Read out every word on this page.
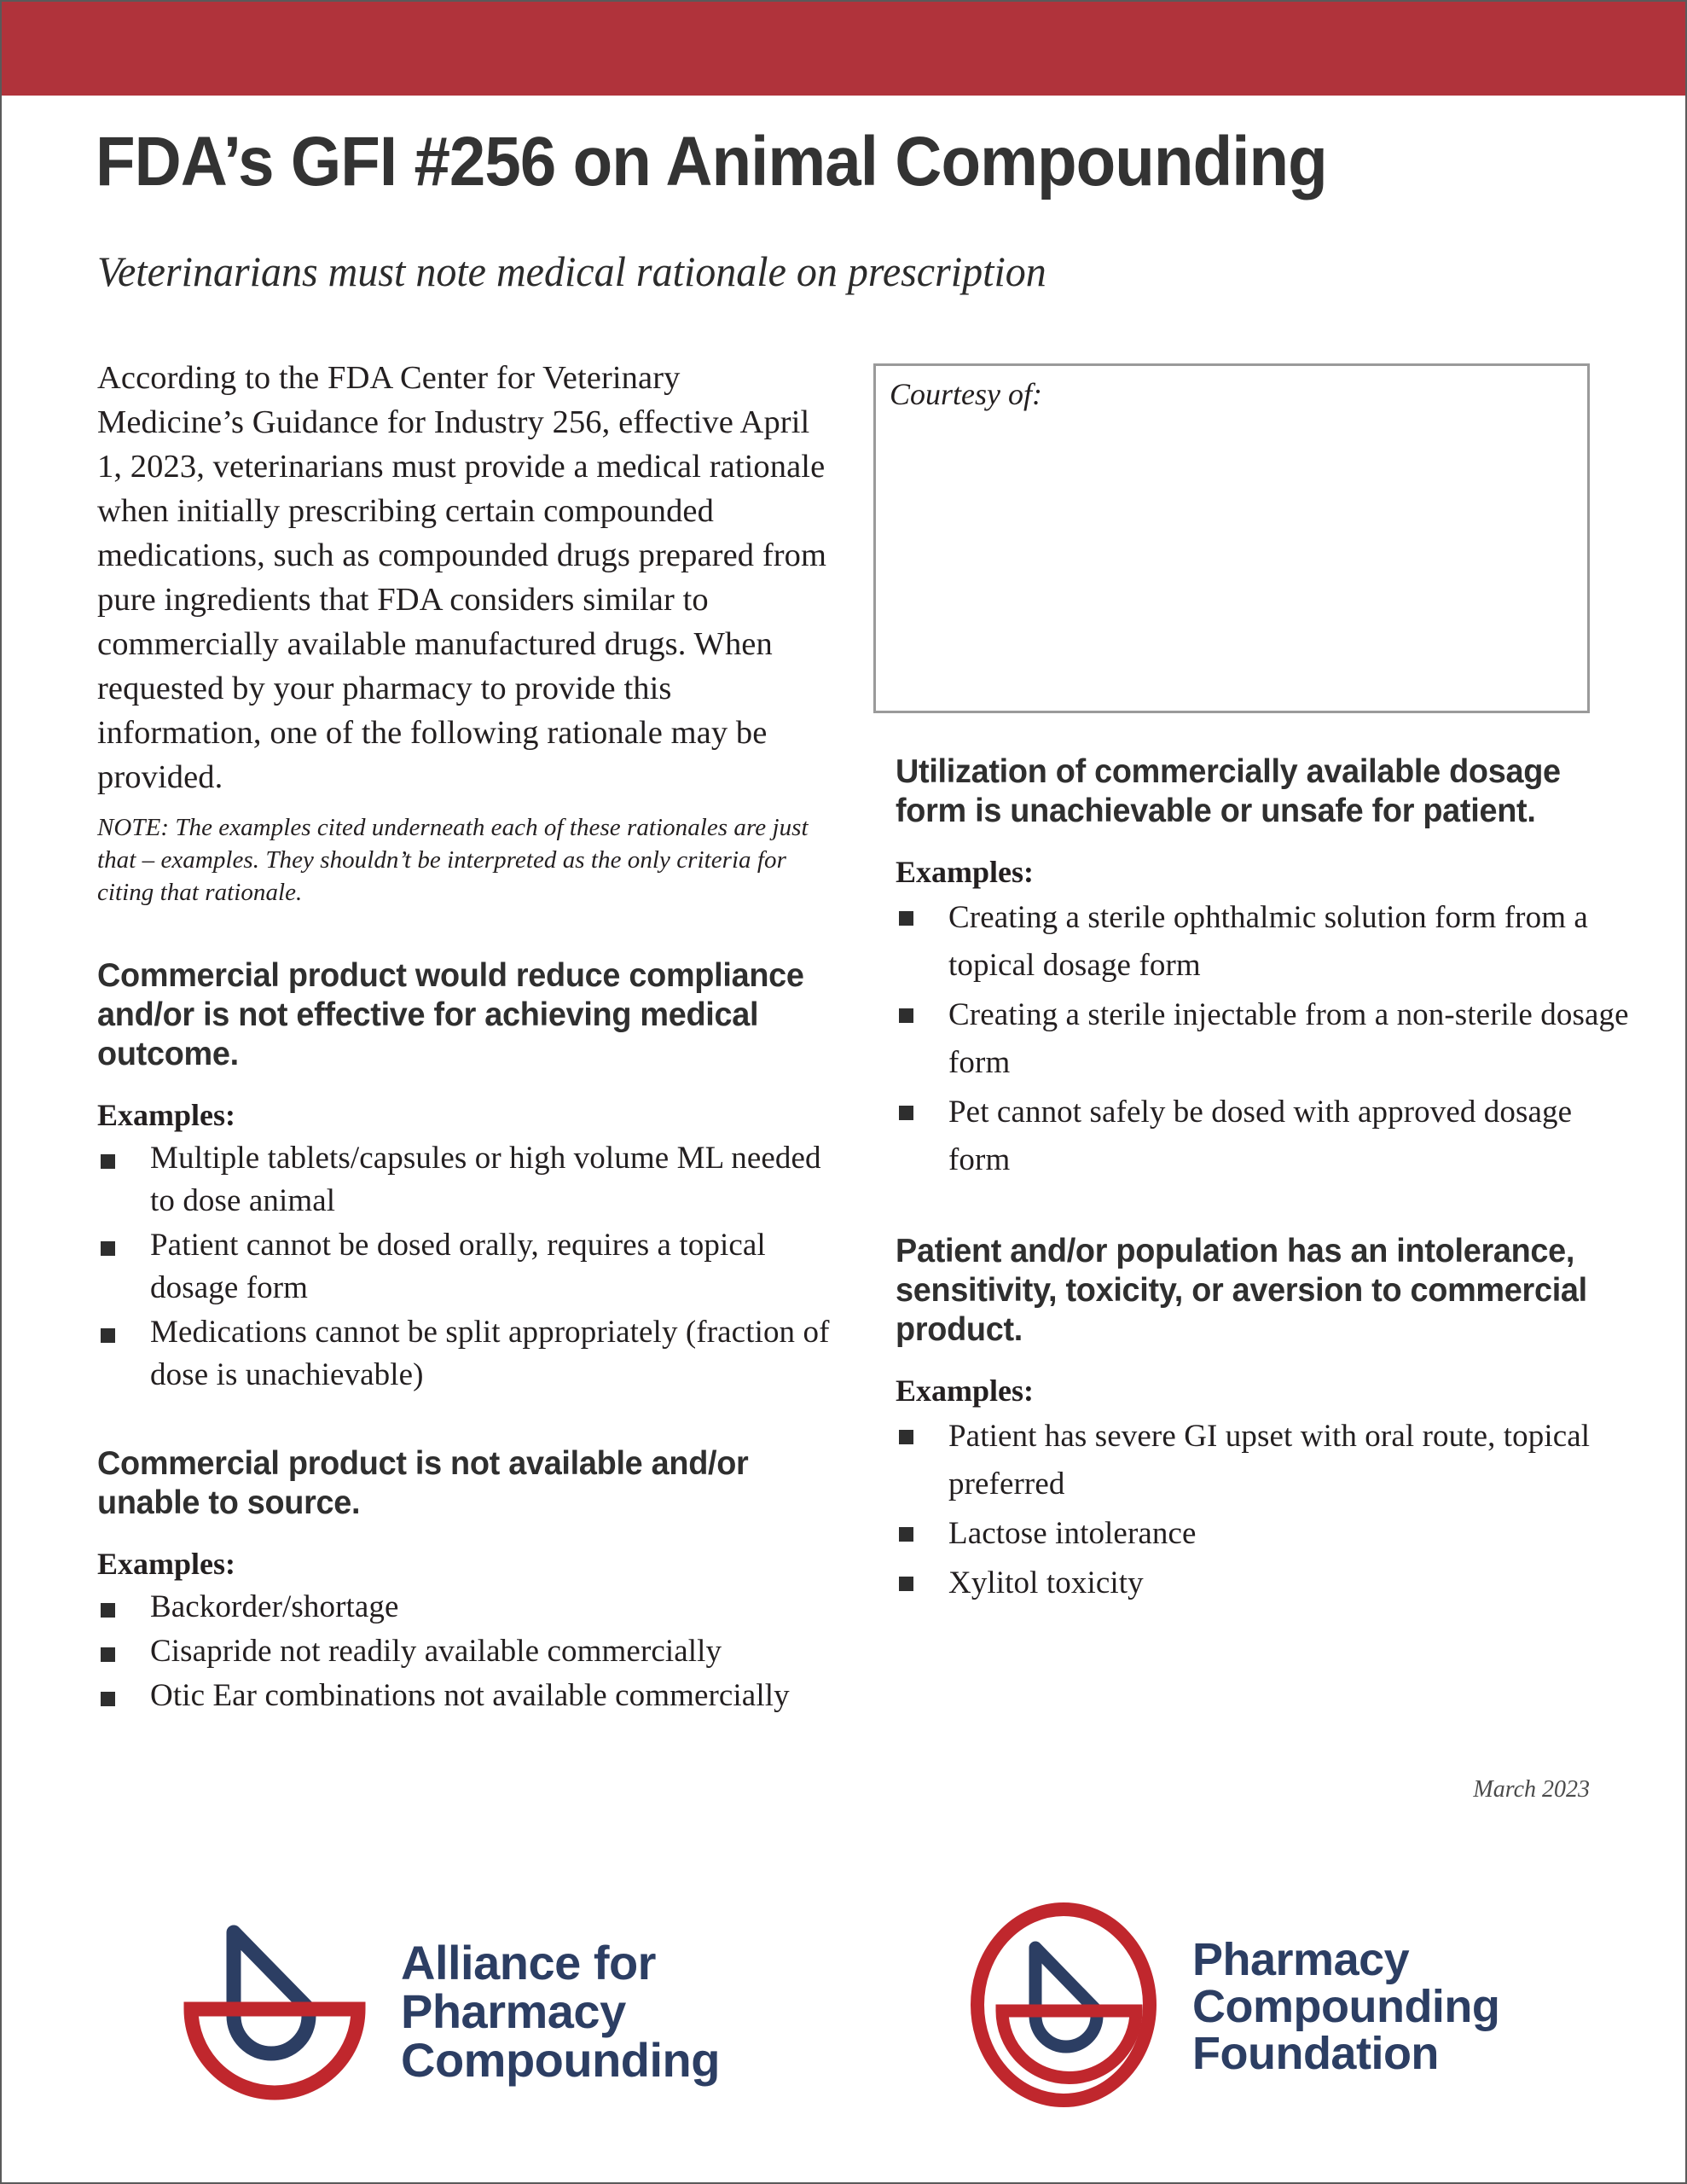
FDA’s GFI #256 on Animal Compounding
Veterinarians must note medical rationale on prescription

According to the FDA Center for Veterinary Medicine’s Guidance for Industry 256, effective April 1, 2023, veterinarians must provide a medical rationale when initially prescribing certain compounded medications, such as compounded drugs prepared from pure ingredients that FDA considers similar to commercially available manufactured drugs. When requested by your pharmacy to provide this information, one of the following rationale may be provided.

NOTE: The examples cited underneath each of these rationales are just that – examples. They shouldn’t be interpreted as the only criteria for citing that rationale.

Commercial product would reduce compliance and/or is not effective for achieving medical outcome.

Examples:

Multiple tablets/capsules or high volume ML needed to dose animal
Patient cannot be dosed orally, requires a topical dosage form
Medications cannot be split appropriately (fraction of dose is unachievable)
Commercial product is not available and/or unable to source.

Examples:

Backorder/shortage
Cisapride not readily available commercially
Otic Ear combinations not available commercially
Courtesy of:
Utilization of commercially available dosage form is unachievable or unsafe for patient.

Examples:

Creating a sterile ophthalmic solution form from a topical dosage form
Creating a sterile injectable from a non-sterile dosage form
Pet cannot safely be dosed with approved dosage form
Patient and/or population has an intolerance, sensitivity, toxicity, or aversion to commercial product.

Examples:

Patient has severe GI upset with oral route, topical preferred
Lactose intolerance
Xylitol toxicity
March 2023
Alliance for
Pharmacy
Compounding
Pharmacy
Compounding
Foundation
